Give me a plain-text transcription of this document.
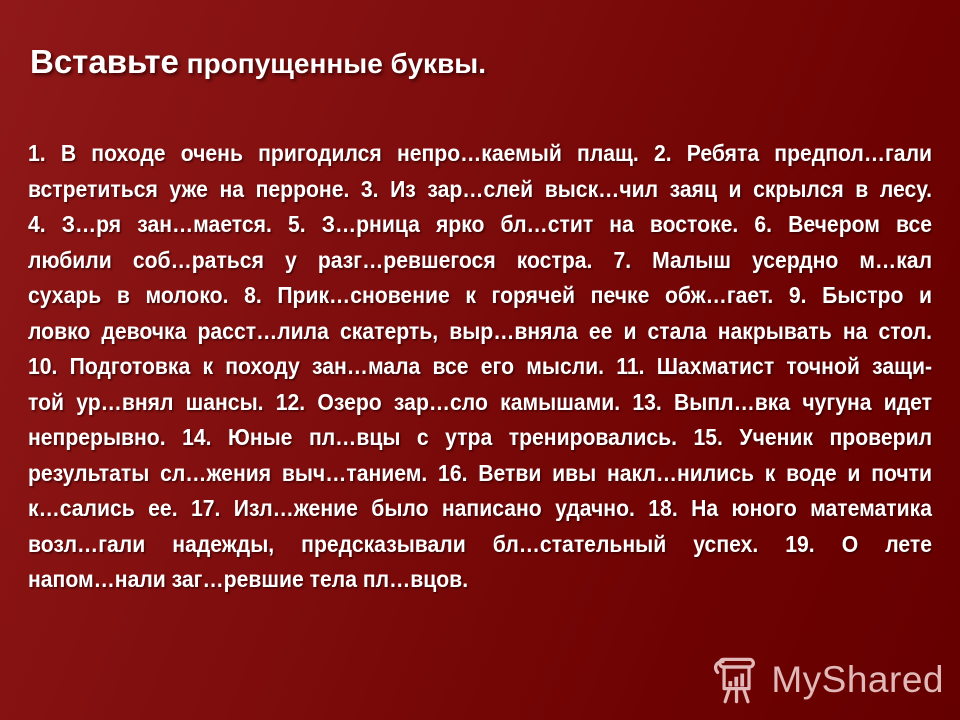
Вставьте пропущенные буквы.
1. В походе очень пригодился непро…каемый плащ. 2. Ребята предпол…гали
встретиться уже на перроне. 3. Из зар…слей выск…чил заяц и скрылся в лесу.
4. З…ря зан…мается. 5. З…рница ярко бл…стит на востоке. 6. Вечером все
любили соб…раться у разг…ревшегося костра. 7. Малыш усердно м…кал
сухарь в молоко. 8. Прик…сновение к горячей печке обж…гает. 9. Быстро и
ловко девочка расст…лила скатерть, выр…вняла ее и стала накрывать на стол.
10. Подготовка к походу зан…мала все его мысли. 11. Шахматист точной защи-
той ур…внял шансы. 12. Озеро зар…сло камышами. 13. Выпл…вка чугуна идет
непрерывно. 14. Юные пл…вцы с утра тренировались. 15. Ученик проверил
результаты сл…жения выч…танием. 16. Ветви ивы накл…нились к воде и почти
к…сались ее. 17. Изл…жение было написано удачно. 18. На юного математика
возл…гали надежды, предсказывали бл…стательный успех. 19. О лете
напом…нали заг…ревшие тела пл…вцов.
MyShared
